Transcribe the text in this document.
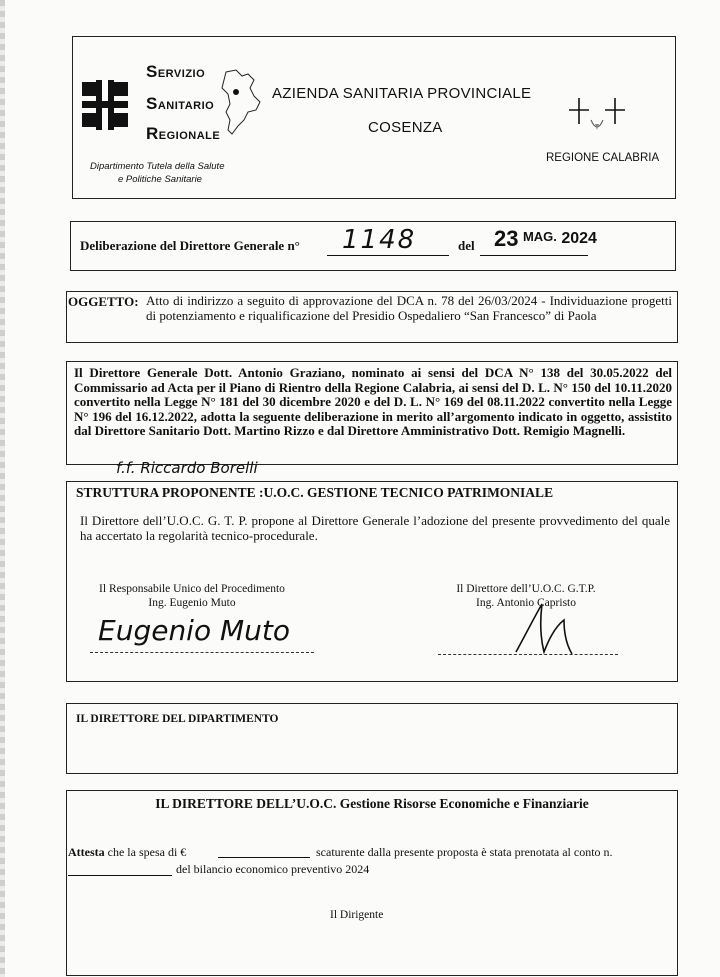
SERVIZIO
SANITARIO
REGIONALE
Dipartimento Tutela della Salute
e Politiche Sanitarie
AZIENDA SANITARIA PROVINCIALE
COSENZA
REGIONE CALABRIA
Deliberazione del Direttore Generale n° 1148	del 23 $^{MAG.}$ 2024
OGGETTO: Atto di indirizzo a seguito di approvazione del DCA n. 78 del 26/03/2024 - Individuazione progetti di potenziamento e riqualificazione del Presidio Ospedaliero “San Francesco” di Paola
Il Direttore Generale Dott. Antonio Graziano, nominato ai sensi del DCA N° 138 del 30.05.2022 del Commissario ad Acta per il Piano di Rientro della Regione Calabria, ai sensi del D. L. N° 150 del 10.11.2020 convertito nella Legge N° 181 del 30 dicembre 2020 e del D. L. N° 169 del 08.11.2022 convertito nella Legge N° 196 del 16.12.2022, adotta la seguente deliberazione in merito all’argomento indicato in oggetto, assistito dal Direttore Sanitario Dott. Martino Rizzo e dal Direttore Amministrativo Dott. Remigio Magnelli.
f.f. Riccardo Borelli
STRUTTURA PROPONENTE :U.O.C. GESTIONE TECNICO PATRIMONIALE
Il Direttore dell’U.O.C. G. T. P. propone al Direttore Generale l’adozione del presente provvedimento del quale ha accertato la regolarità tecnico-procedurale.
Il Responsabile Unico del Procedimento
Ing. Eugenio Muto
Il Direttore dell’U.O.C. G.T.P.
Ing. Antonio Capristo
Eugenio Muto
IL DIRETTORE DEL DIPARTIMENTO
IL DIRETTORE DELL’U.O.C. Gestione Risorse Economiche e Finanziarie
Attesta che la spesa di €	scaturente dalla presente proposta è stata prenotata al conto n.
del bilancio economico preventivo 2024
Il Dirigente
